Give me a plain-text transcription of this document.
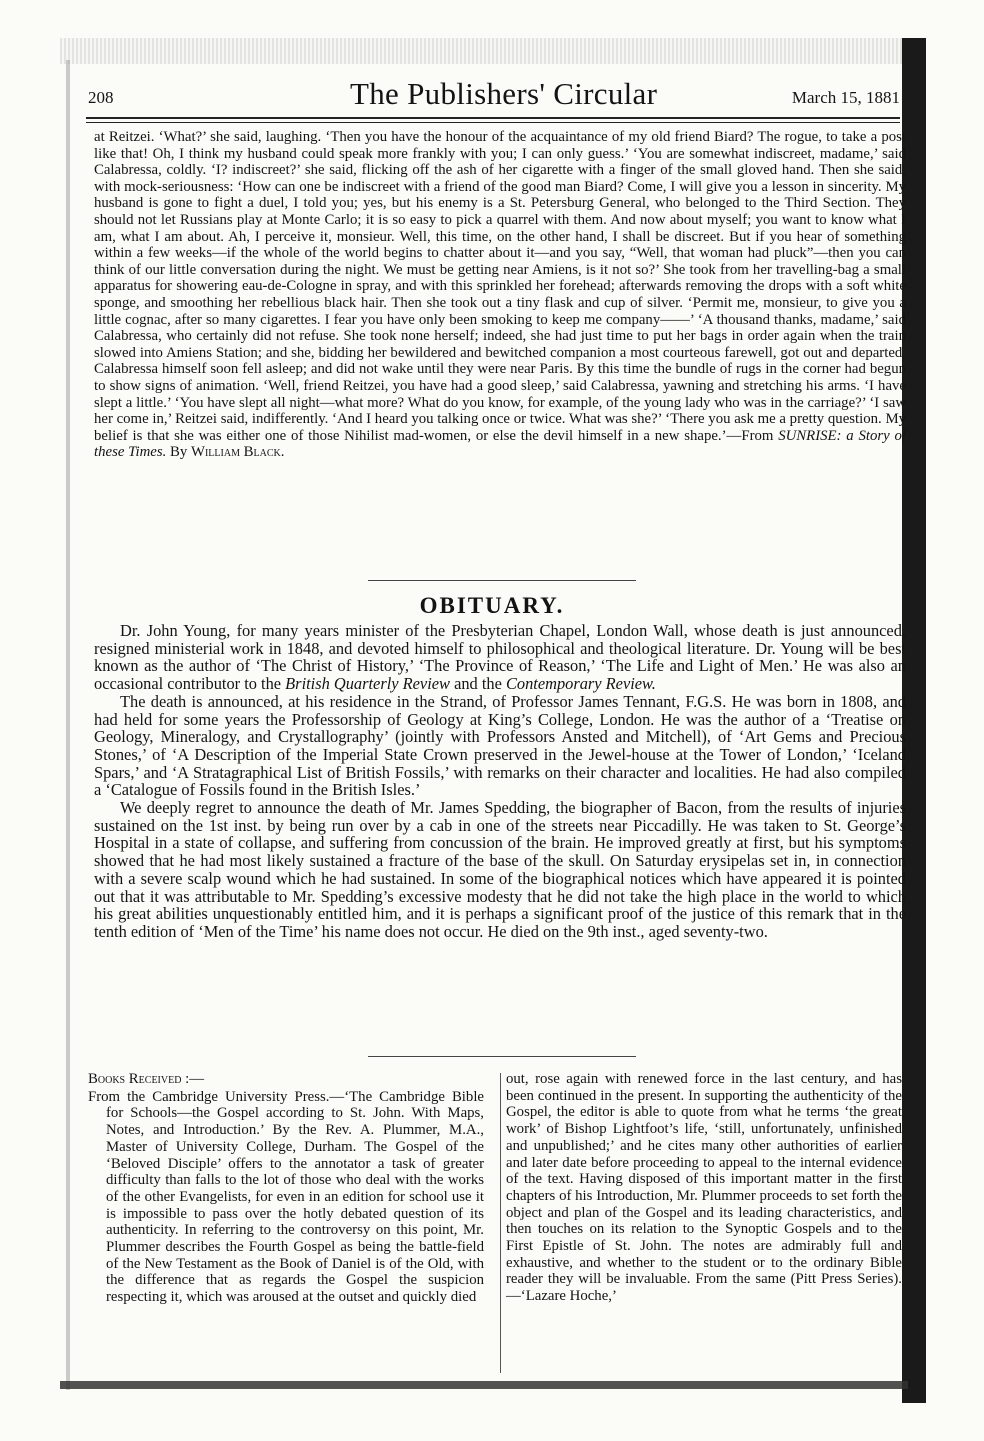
208	The Publishers' Circular	March 15, 1881

at Reitzei. ‘What?’ she said, laughing. ‘Then you have the honour of the acquaintance of my old friend Biard? The rogue, to take a post like that! Oh, I think my husband could speak more frankly with you; I can only guess.’ ‘You are somewhat indiscreet, madame,’ said Calabressa, coldly. ‘I? indiscreet?’ she said, flicking off the ash of her cigarette with a finger of the small gloved hand. Then she said, with mock-seriousness: ‘How can one be indiscreet with a friend of the good man Biard? Come, I will give you a lesson in sincerity. My husband is gone to fight a duel, I told you; yes, but his enemy is a St. Petersburg General, who belonged to the Third Section. They should not let Russians play at Monte Carlo; it is so easy to pick a quarrel with them. And now about myself; you want to know what I am, what I am about. Ah, I perceive it, monsieur. Well, this time, on the other hand, I shall be discreet. But if you hear of something within a few weeks—if the whole of the world begins to chatter about it—and you say, “Well, that woman had pluck”—then you can think of our little conversation during the night. We must be getting near Amiens, is it not so?’ She took from her travelling-bag a small apparatus for showering eau-de-Cologne in spray, and with this sprinkled her forehead; afterwards removing the drops with a soft white sponge, and smoothing her rebellious black hair. Then she took out a tiny flask and cup of silver. ‘Permit me, monsieur, to give you a little cognac, after so many cigarettes. I fear you have only been smoking to keep me company——’ ‘A thousand thanks, madame,’ said Calabressa, who certainly did not refuse. She took none herself; indeed, she had just time to put her bags in order again when the train slowed into Amiens Station; and she, bidding her bewildered and bewitched companion a most courteous farewell, got out and departed. Calabressa himself soon fell asleep; and did not wake until they were near Paris. By this time the bundle of rugs in the corner had begun to show signs of animation. ‘Well, friend Reitzei, you have had a good sleep,’ said Calabressa, yawning and stretching his arms. ‘I have slept a little.’ ‘You have slept all night—what more? What do you know, for example, of the young lady who was in the carriage?’ ‘I saw her come in,’ Reitzei said, indifferently. ‘And I heard you talking once or twice. What was she?’ ‘There you ask me a pretty question. My belief is that she was either one of those Nihilist mad-women, or else the devil himself in a new shape.’—From SUNRISE: a Story of these Times. By William Black.

OBITUARY.

Dr. John Young, for many years minister of the Presbyterian Chapel, London Wall, whose death is just announced, resigned ministerial work in 1848, and devoted himself to philosophical and theological literature. Dr. Young will be best known as the author of ‘The Christ of History,’ ‘The Province of Reason,’ ‘The Life and Light of Men.’ He was also an occasional contributor to the British Quarterly Review and the Contemporary Review.

The death is announced, at his residence in the Strand, of Professor James Tennant, F.G.S. He was born in 1808, and had held for some years the Professorship of Geology at King’s College, London. He was the author of a ‘Treatise on Geology, Mineralogy, and Crystallography’ (jointly with Professors Ansted and Mitchell), of ‘Art Gems and Precious Stones,’ of ‘A Description of the Imperial State Crown preserved in the Jewel-house at the Tower of London,’ ‘Iceland Spars,’ and ‘A Stratagraphical List of British Fossils,’ with remarks on their character and localities. He had also compiled a ‘Catalogue of Fossils found in the British Isles.’

We deeply regret to announce the death of Mr. James Spedding, the biographer of Bacon, from the results of injuries sustained on the 1st inst. by being run over by a cab in one of the streets near Piccadilly. He was taken to St. George’s Hospital in a state of collapse, and suffering from concussion of the brain. He improved greatly at first, but his symptoms showed that he had most likely sustained a fracture of the base of the skull. On Saturday erysipelas set in, in connection with a severe scalp wound which he had sustained. In some of the biographical notices which have appeared it is pointed out that it was attributable to Mr. Spedding’s excessive modesty that he did not take the high place in the world to which his great abilities unquestionably entitled him, and it is perhaps a significant proof of the justice of this remark that in the tenth edition of ‘Men of the Time’ his name does not occur. He died on the 9th inst., aged seventy-two.

Books Received :—

From the Cambridge University Press.—‘The Cambridge Bible for Schools—the Gospel according to St. John. With Maps, Notes, and Introduction.’ By the Rev. A. Plummer, M.A., Master of University College, Durham. The Gospel of the ‘Beloved Disciple’ offers to the annotator a task of greater difficulty than falls to the lot of those who deal with the works of the other Evangelists, for even in an edition for school use it is impossible to pass over the hotly debated question of its authenticity. In referring to the controversy on this point, Mr. Plummer describes the Fourth Gospel as being the battle-field of the New Testament as the Book of Daniel is of the Old, with the difference that as regards the Gospel the suspicion respecting it, which was aroused at the outset and quickly died

out, rose again with renewed force in the last century, and has been continued in the present. In supporting the authenticity of the Gospel, the editor is able to quote from what he terms ‘the great work’ of Bishop Lightfoot’s life, ‘still, unfortunately, unfinished and unpublished;’ and he cites many other authorities of earlier and later date before proceeding to appeal to the internal evidence of the text. Having disposed of this important matter in the first chapters of his Introduction, Mr. Plummer proceeds to set forth the object and plan of the Gospel and its leading characteristics, and then touches on its relation to the Synoptic Gospels and to the First Epistle of St. John. The notes are admirably full and exhaustive, and whether to the student or to the ordinary Bible reader they will be invaluable. From the same (Pitt Press Series).—‘Lazare Hoche,’
